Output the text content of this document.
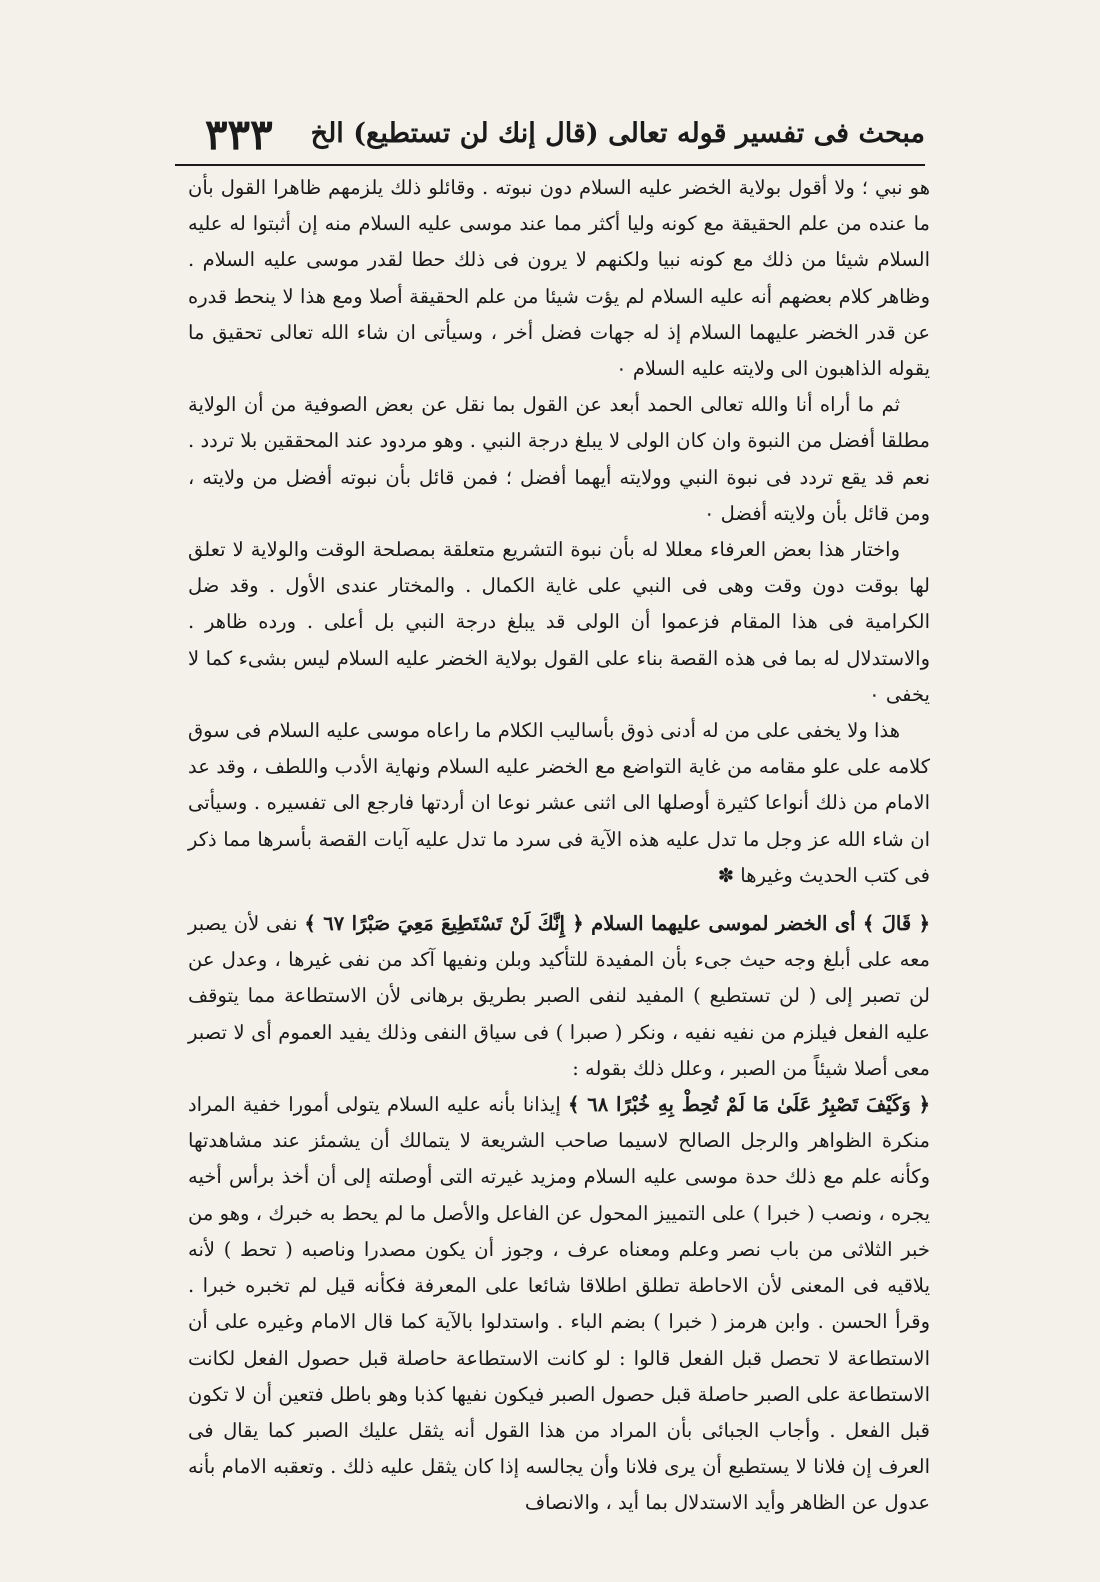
مبحث فى تفسير قوله تعالى (قال إنك لن تستطيع) الخ
٣٣٣

هو نبي ؛ ولا أقول بولاية الخضر عليه السلام دون نبوته . وقائلو ذلك يلزمهم ظاهرا القول بأن ما عنده من علم الحقيقة مع كونه وليا أكثر مما عند موسى عليه السلام منه إن أثبتوا له عليه السلام شيئا من ذلك مع كونه نبيا ولكنهم لا يرون فى ذلك حطا لقدر موسى عليه السلام . وظاهر كلام بعضهم أنه عليه السلام لم يؤت شيئا من علم الحقيقة أصلا ومع هذا لا ينحط قدره عن قدر الخضر عليهما السلام إذ له جهات فضل أخر ، وسيأتى ان شاء الله تعالى تحقيق ما يقوله الذاهبون الى ولايته عليه السلام ٠

ثم ما أراه أنا والله تعالى الحمد أبعد عن القول بما نقل عن بعض الصوفية من أن الولاية مطلقا أفضل من النبوة وان كان الولى لا يبلغ درجة النبي . وهو مردود عند المحققين بلا تردد . نعم قد يقع تردد فى نبوة النبي وولايته أيهما أفضل ؛ فمن قائل بأن نبوته أفضل من ولايته ، ومن قائل بأن ولايته أفضل ٠

واختار هذا بعض العرفاء معللا له بأن نبوة التشريع متعلقة بمصلحة الوقت والولاية لا تعلق لها بوقت دون وقت وهى فى النبي على غاية الكمال . والمختار عندى الأول . وقد ضل الكرامية فى هذا المقام فزعموا أن الولى قد يبلغ درجة النبي بل أعلى . ورده ظاهر . والاستدلال له بما فى هذه القصة بناء على القول بولاية الخضر عليه السلام ليس بشىء كما لا يخفى ٠

هذا ولا يخفى على من له أدنى ذوق بأساليب الكلام ما راعاه موسى عليه السلام فى سوق كلامه على علو مقامه من غاية التواضع مع الخضر عليه السلام ونهاية الأدب واللطف ، وقد عد الامام من ذلك أنواعا كثيرة أوصلها الى اثنى عشر نوعا ان أردتها فارجع الى تفسيره . وسيأتى ان شاء الله عز وجل ما تدل عليه هذه الآية فى سرد ما تدل عليه آيات القصة بأسرها مما ذكر فى كتب الحديث وغيرها ✽

﴿ قَالَ ﴾ أى الخضر لموسى عليهما السلام ﴿ إِنَّكَ لَنْ تَسْتَطِيعَ مَعِيَ صَبْرًا ٦٧ ﴾ نفى لأن يصبر معه على أبلغ وجه حيث جىء بأن المفيدة للتأكيد وبلن ونفيها آكد من نفى غيرها ، وعدل عن لن تصبر إلى ( لن تستطيع ) المفيد لنفى الصبر بطريق برهانى لأن الاستطاعة مما يتوقف عليه الفعل فيلزم من نفيه نفيه ، ونكر ( صبرا ) فى سياق النفى وذلك يفيد العموم أى لا تصبر معى أصلا شيئاً من الصبر ، وعلل ذلك بقوله :

﴿ وَكَيْفَ تَصْبِرُ عَلَىٰ مَا لَمْ تُحِطْ بِهِ خُبْرًا ٦٨ ﴾ إيذانا بأنه عليه السلام يتولى أمورا خفية المراد منكرة الظواهر والرجل الصالح لاسيما صاحب الشريعة لا يتمالك أن يشمئز عند مشاهدتها وكأنه علم مع ذلك حدة موسى عليه السلام ومزيد غيرته التى أوصلته إلى أن أخذ برأس أخيه يجره ، ونصب ( خبرا ) على التمييز المحول عن الفاعل والأصل ما لم يحط به خبرك ، وهو من خبر الثلاثى من باب نصر وعلم ومعناه عرف ، وجوز أن يكون مصدرا وناصبه ( تحط ) لأنه يلاقيه فى المعنى لأن الاحاطة تطلق اطلاقا شائعا على المعرفة فكأنه قيل لم تخبره خبرا . وقرأ الحسن . وابن هرمز ( خبرا ) بضم الباء . واستدلوا بالآية كما قال الامام وغيره على أن الاستطاعة لا تحصل قبل الفعل قالوا : لو كانت الاستطاعة حاصلة قبل حصول الفعل لكانت الاستطاعة على الصبر حاصلة قبل حصول الصبر فيكون نفيها كذبا وهو باطل فتعين أن لا تكون قبل الفعل . وأجاب الجبائى بأن المراد من هذا القول أنه يثقل عليك الصبر كما يقال فى العرف إن فلانا لا يستطيع أن يرى فلانا وأن يجالسه إذا كان يثقل عليه ذلك . وتعقبه الامام بأنه عدول عن الظاهر وأيد الاستدلال بما أيد ، والانصاف
